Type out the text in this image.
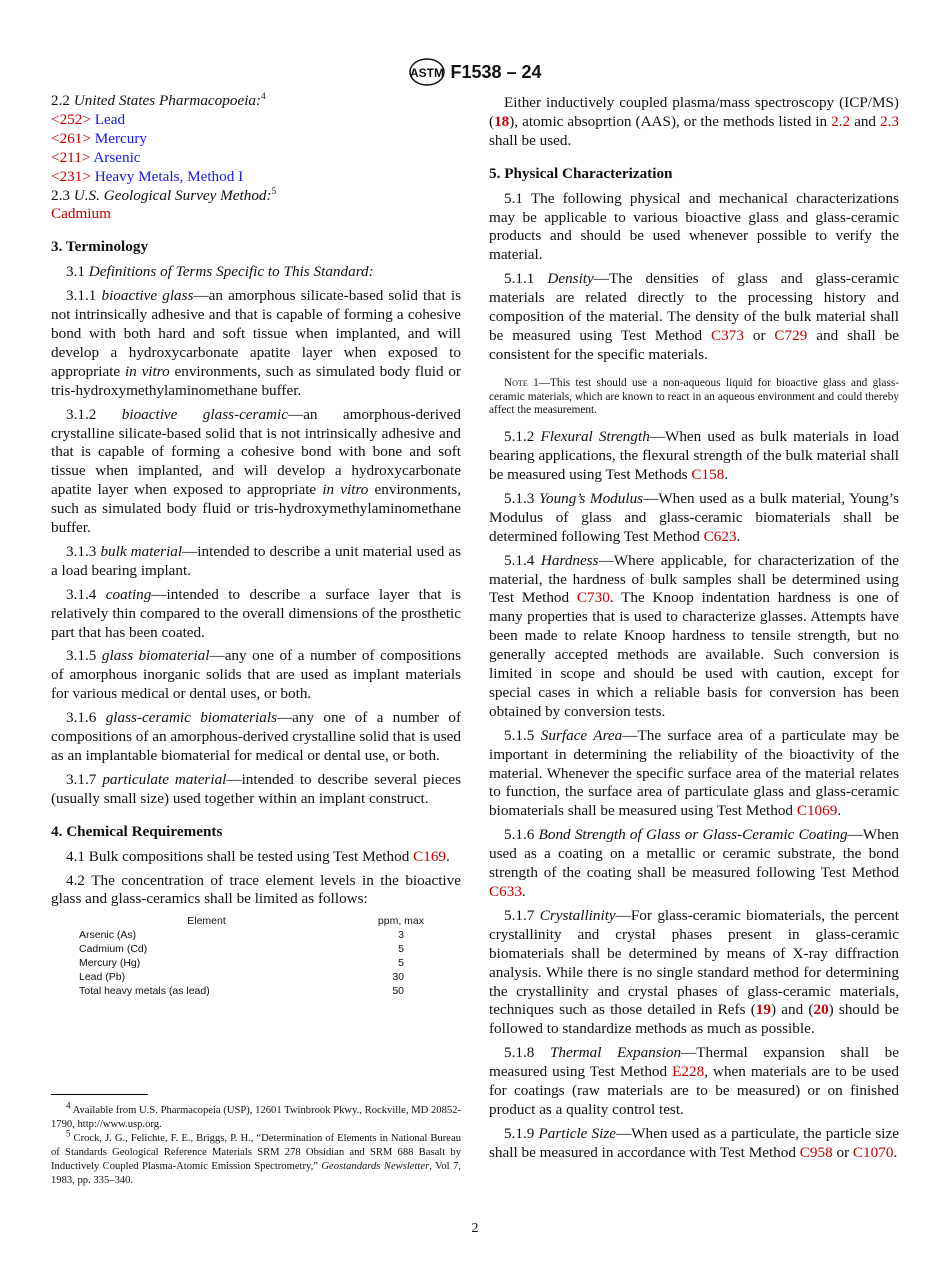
ASTM F1538 – 24

2.2 United States Pharmacopoeia:$^4$

<252> Lead

<261> Mercury

<211> Arsenic

<231> Heavy Metals, Method I

2.3 U.S. Geological Survey Method:$^5$

Cadmium

3. Terminology

3.1 Definitions of Terms Specific to This Standard:

3.1.1 bioactive glass—an amorphous silicate-based solid that is not intrinsically adhesive and that is capable of forming a cohesive bond with both hard and soft tissue when implanted, and will develop a hydroxycarbonate apatite layer when exposed to appropriate in vitro environments, such as simulated body fluid or tris-hydroxymethylaminomethane buffer.

3.1.2 bioactive glass-ceramic—an amorphous-derived crystalline silicate-based solid that is not intrinsically adhesive and that is capable of forming a cohesive bond with bone and soft tissue when implanted, and will develop a hydroxycarbonate apatite layer when exposed to appropriate in vitro environments, such as simulated body fluid or tris-hydroxymethylaminomethane buffer.

3.1.3 bulk material—intended to describe a unit material used as a load bearing implant.

3.1.4 coating—intended to describe a surface layer that is relatively thin compared to the overall dimensions of the prosthetic part that has been coated.

3.1.5 glass biomaterial—any one of a number of compositions of amorphous inorganic solids that are used as implant materials for various medical or dental uses, or both.

3.1.6 glass-ceramic biomaterials—any one of a number of compositions of an amorphous-derived crystalline solid that is used as an implantable biomaterial for medical or dental use, or both.

3.1.7 particulate material—intended to describe several pieces (usually small size) used together within an implant construct.

4. Chemical Requirements

4.1 Bulk compositions shall be tested using Test Method C169.

4.2 The concentration of trace element levels in the bioactive glass and glass-ceramics shall be limited as follows:

Element	ppm, max
Arsenic (As)	3
Cadmium (Cd)	5
Mercury (Hg)	5
Lead (Pb)	30
Total heavy metals (as lead)	50

$^4$ Available from U.S. Pharmacopeia (USP), 12601 Twinbrook Pkwy., Rockville, MD 20852-1790, http://www.usp.org.

$^5$ Crock, J. G., Felichte, F. E., Briggs, P. H., “Determination of Elements in National Bureau of Standards Geological Reference Materials SRM 278 Obsidian and SRM 688 Basalt by Inductively Coupled Plasma-Atomic Emission Spectrometry,” Geostandards Newsletter, Vol 7, 1983, pp. 335–340.

Either inductively coupled plasma/mass spectroscopy (ICP/MS) (18), atomic absoprtion (AAS), or the methods listed in 2.2 and 2.3 shall be used.

5. Physical Characterization

5.1 The following physical and mechanical characterizations may be applicable to various bioactive glass and glass-ceramic products and should be used whenever possible to verify the material.

5.1.1 Density—The densities of glass and glass-ceramic materials are related directly to the processing history and composition of the material. The density of the bulk material shall be measured using Test Method C373 or C729 and shall be consistent for the specific materials.

Note 1—This test should use a non-aqueous liquid for bioactive glass and glass-ceramic materials, which are known to react in an aqueous environment and could thereby affect the measurement.

5.1.2 Flexural Strength—When used as bulk materials in load bearing applications, the flexural strength of the bulk material shall be measured using Test Methods C158.

5.1.3 Young’s Modulus—When used as a bulk material, Young’s Modulus of glass and glass-ceramic biomaterials shall be determined following Test Method C623.

5.1.4 Hardness—Where applicable, for characterization of the material, the hardness of bulk samples shall be determined using Test Method C730. The Knoop indentation hardness is one of many properties that is used to characterize glasses. Attempts have been made to relate Knoop hardness to tensile strength, but no generally accepted methods are available. Such conversion is limited in scope and should be used with caution, except for special cases in which a reliable basis for conversion has been obtained by conversion tests.

5.1.5 Surface Area—The surface area of a particulate may be important in determining the reliability of the bioactivity of the material. Whenever the specific surface area of the material relates to function, the surface area of particulate glass and glass-ceramic biomaterials shall be measured using Test Method C1069.

5.1.6 Bond Strength of Glass or Glass-Ceramic Coating—When used as a coating on a metallic or ceramic substrate, the bond strength of the coating shall be measured following Test Method C633.

5.1.7 Crystallinity—For glass-ceramic biomaterials, the percent crystallinity and crystal phases present in glass-ceramic biomaterials shall be determined by means of X-ray diffraction analysis. While there is no single standard method for determining the crystallinity and crystal phases of glass-ceramic materials, techniques such as those detailed in Refs (19) and (20) should be followed to standardize methods as much as possible.

5.1.8 Thermal Expansion—Thermal expansion shall be measured using Test Method E228, when materials are to be used for coatings (raw materials are to be measured) or on finished product as a quality control test.

5.1.9 Particle Size—When used as a particulate, the particle size shall be measured in accordance with Test Method C958 or C1070.

2
